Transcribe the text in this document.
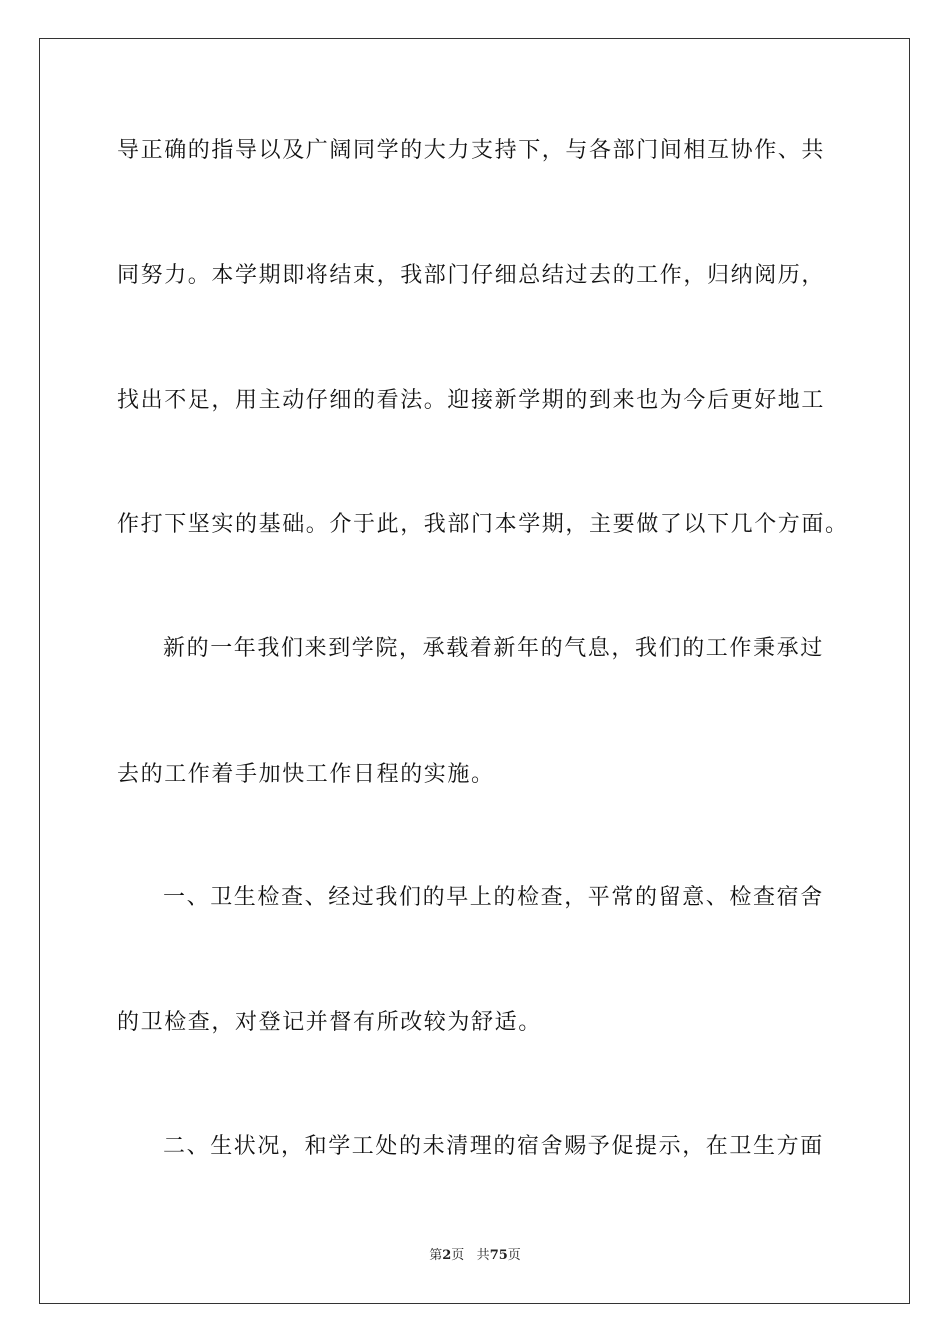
导正确的指导以及广阔同学的大力支持下，与各部门间相互协作、共
同努力。本学期即将结束，我部门仔细总结过去的工作，归纳阅历，
找出不足，用主动仔细的看法。迎接新学期的到来也为今后更好地工
作打下坚实的基础。介于此，我部门本学期，主要做了以下几个方面。
新的一年我们来到学院，承载着新年的气息，我们的工作秉承过
去的工作着手加快工作日程的实施。
一、卫生检查、经过我们的早上的检查，平常的留意、检查宿舍
的卫检查，对登记并督有所改较为舒适。
二、生状况，和学工处的未清理的宿舍赐予促提示，在卫生方面
第2页 共75页
